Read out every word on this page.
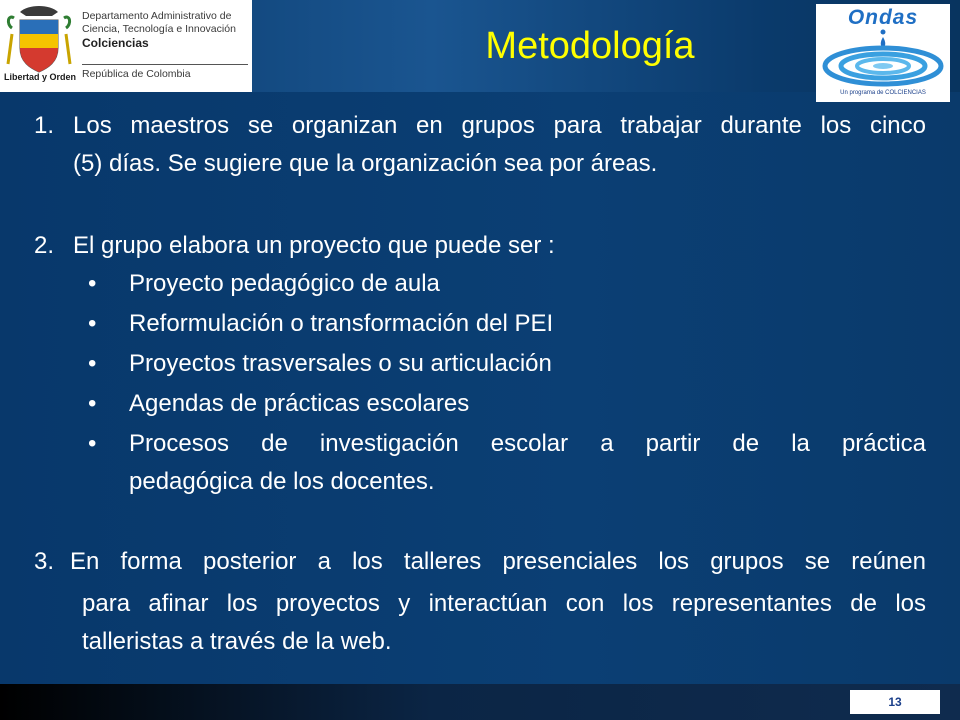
Libertad y Orden
Departamento Administrativo de
Ciencia, Tecnología e Innovación
Colciencias
República de Colombia
Metodología
Ondas
Un programa de COLCIENCIAS
1. Los maestros se organizan en grupos para trabajar durante los cinco
(5) días. Se sugiere que la organización sea por áreas.
2. El grupo elabora un proyecto que puede ser :
• Proyecto pedagógico de aula
• Reformulación o transformación del PEI
• Proyectos trasversales o su articulación
• Agendas de prácticas escolares
• Procesos de investigación escolar a partir de la práctica
pedagógica de los docentes.
3. En forma posterior a los talleres presenciales los grupos se reúnen
para afinar los proyectos y interactúan con los representantes de los
talleristas a través de la web.
13
